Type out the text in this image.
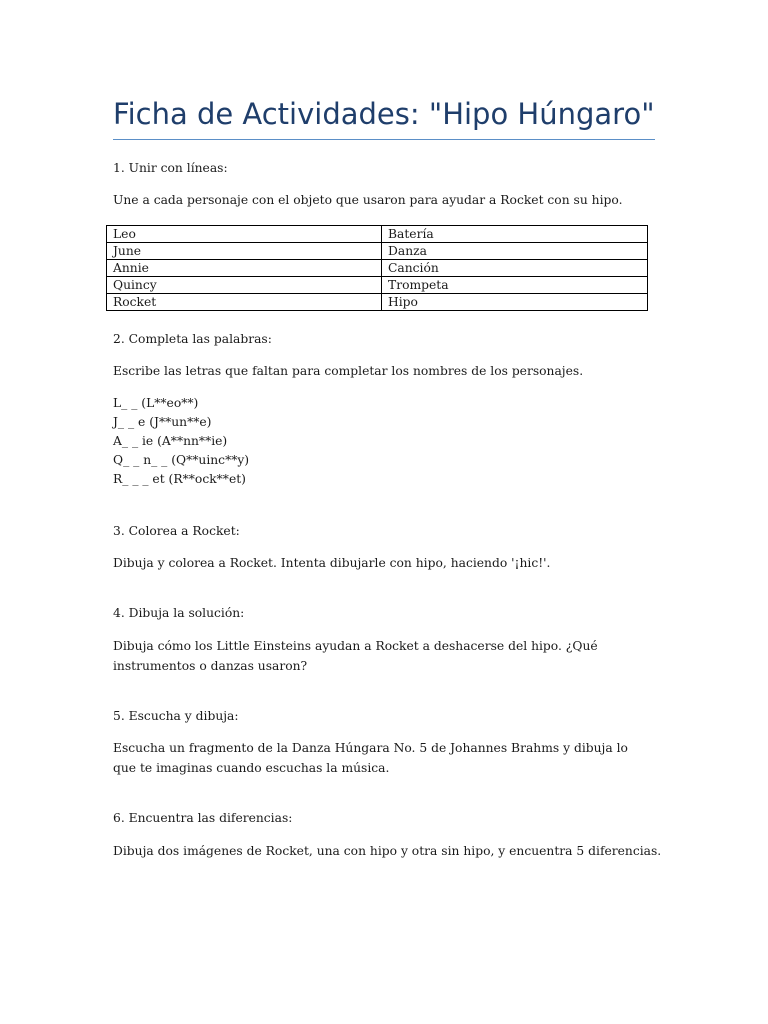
Ficha de Actividades: "Hipo Húngaro"
1. Unir con líneas:
Une a cada personaje con el objeto que usaron para ayudar a Rocket con su hipo.
Leo	Batería
June	Danza
Annie	Canción
Quincy	Trompeta
Rocket	Hipo
2. Completa las palabras:
Escribe las letras que faltan para completar los nombres de los personajes.
L_ _ (L**eo**)
J_ _ e (J**un**e)
A_ _ ie (A**nn**ie)
Q_ _ n_ _ (Q**uinc**y)
R_ _ _ et (R**ock**et)
3. Colorea a Rocket:
Dibuja y colorea a Rocket. Intenta dibujarle con hipo, haciendo '¡hic!'.
4. Dibuja la solución:
Dibuja cómo los Little Einsteins ayudan a Rocket a deshacerse del hipo. ¿Qué instrumentos o danzas usaron?
5. Escucha y dibuja:
Escucha un fragmento de la Danza Húngara No. 5 de Johannes Brahms y dibuja lo que te imaginas cuando escuchas la música.
6. Encuentra las diferencias:
Dibuja dos imágenes de Rocket, una con hipo y otra sin hipo, y encuentra 5 diferencias.
